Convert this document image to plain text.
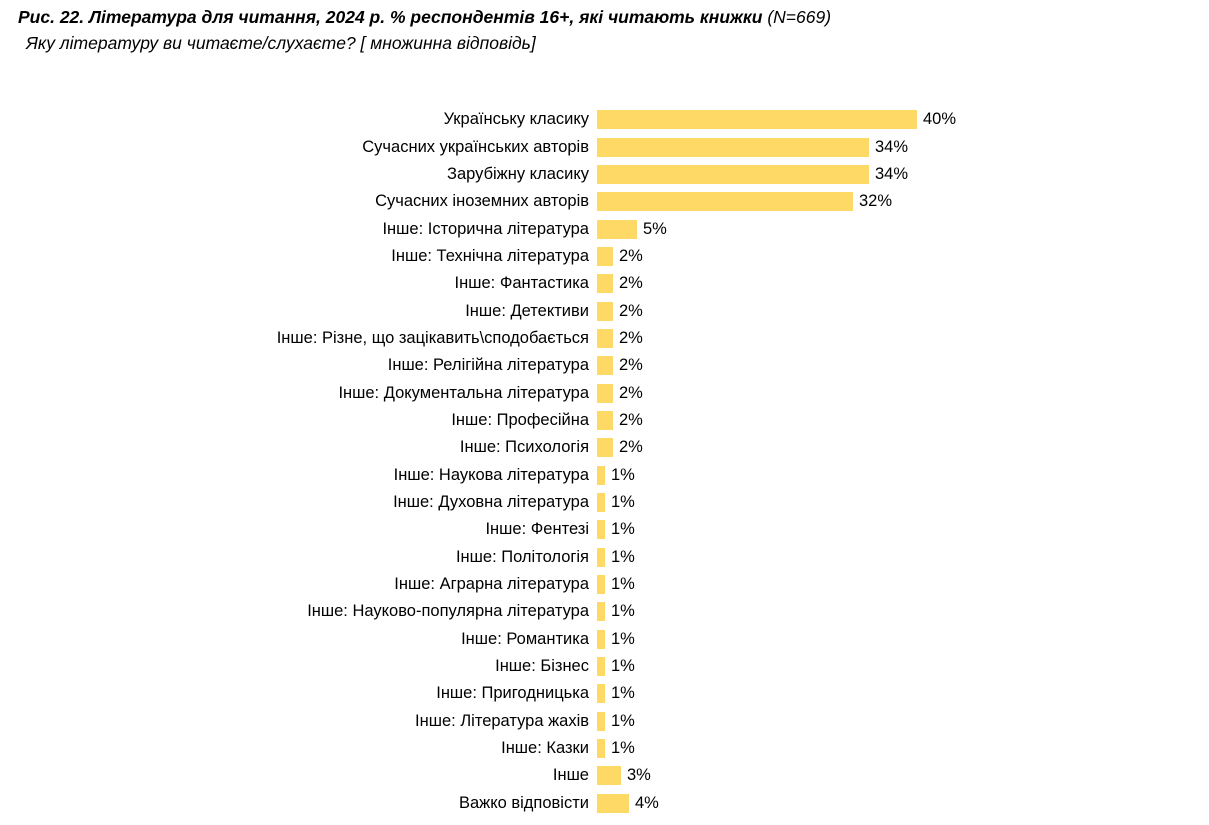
Рис. 22. Література для читання, 2024 р. % респондентів 16+, які читають книжки (N=669)
Яку літературу ви читаєте/слухаєте? [ множинна відповідь]
Українську класику	40%
Сучасних українських авторів	34%
Зарубіжну класику	34%
Сучасних іноземних авторів	32%
Інше: Історична література	5%
Інше: Технічна література	2%
Інше: Фантастика	2%
Інше: Детективи	2%
Інше: Різне, що зацікавить\сподобається	2%
Інше: Релігійна література	2%
Інше: Документальна література	2%
Інше: Професійна	2%
Інше: Психологія	2%
Інше: Наукова література	1%
Інше: Духовна література	1%
Інше: Фентезі	1%
Інше: Політологія	1%
Інше: Аграрна література	1%
Інше: Науково-популярна література	1%
Інше: Романтика	1%
Інше: Бізнес	1%
Інше: Пригодницька	1%
Інше: Література жахів	1%
Інше: Казки	1%
Інше	3%
Важко відповісти	4%
